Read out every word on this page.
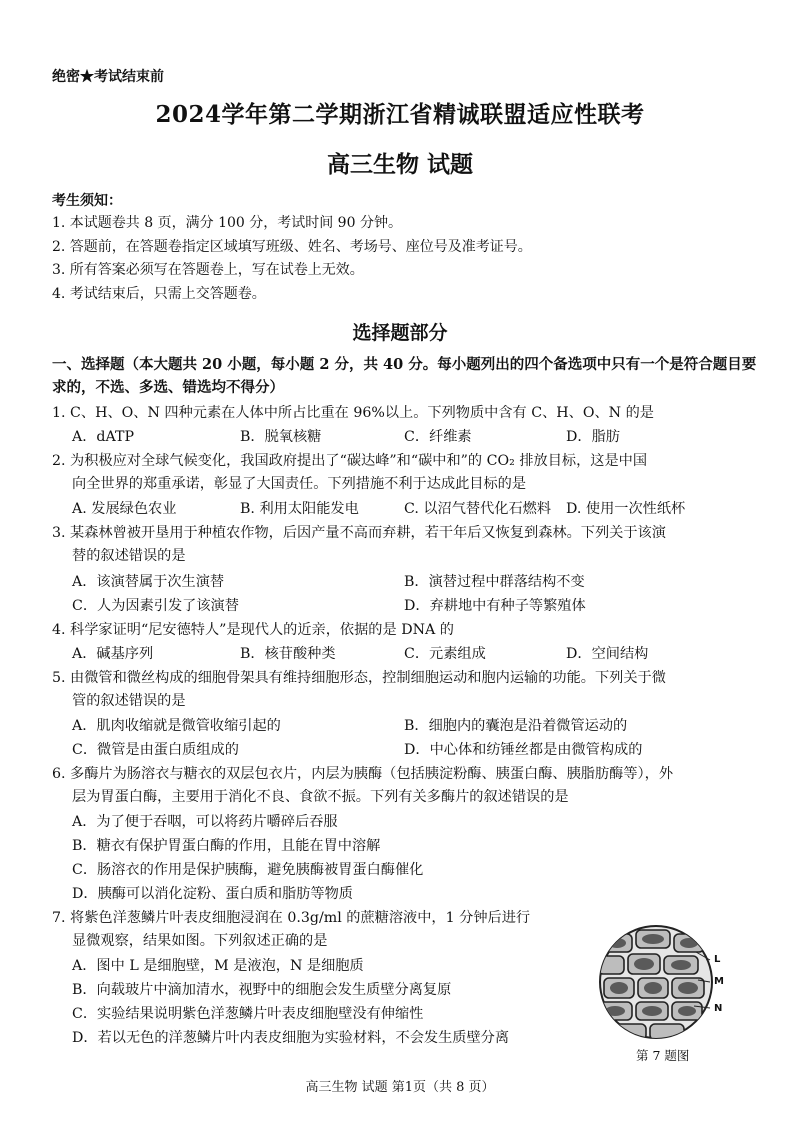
绝密★考试结束前
2024学年第二学期浙江省精诚联盟适应性联考
高三生物 试题
考生须知：
1. 本试题卷共 8 页，满分 100 分，考试时间 90 分钟。
2. 答题前，在答题卷指定区域填写班级、姓名、考场号、座位号及准考证号。
3. 所有答案必须写在答题卷上，写在试卷上无效。
4. 考试结束后，只需上交答题卷。
选择题部分
一、选择题（本大题共 20 小题，每小题 2 分，共 40 分。每小题列出的四个备选项中只有一个是符合题目要求的，不选、多选、错选均不得分）
1. C、H、O、N 四种元素在人体中所占比重在 96%以上。下列物质中含有 C、H、O、N 的是
A．dATP	B．脱氧核糖	C．纤维素	D．脂肪
2. 为积极应对全球气候变化，我国政府提出了“碳达峰”和“碳中和”的 CO₂ 排放目标，这是中国
向全世界的郑重承诺，彰显了大国责任。下列措施不利于达成此目标的是
A. 发展绿色农业	B. 利用太阳能发电	C. 以沼气替代化石燃料 D. 使用一次性纸杯
3. 某森林曾被开垦用于种植农作物，后因产量不高而弃耕，若干年后又恢复到森林。下列关于该演
替的叙述错误的是
A．该演替属于次生演替	B．演替过程中群落结构不变
C．人为因素引发了该演替	D．弃耕地中有种子等繁殖体
4. 科学家证明“尼安德特人”是现代人的近亲，依据的是 DNA 的
A．碱基序列	B．核苷酸种类	C．元素组成	D．空间结构
5. 由微管和微丝构成的细胞骨架具有维持细胞形态，控制细胞运动和胞内运输的功能。下列关于微
管的叙述错误的是
A．肌肉收缩就是微管收缩引起的	B．细胞内的囊泡是沿着微管运动的
C．微管是由蛋白质组成的	D．中心体和纺锤丝都是由微管构成的
6. 多酶片为肠溶衣与糖衣的双层包衣片，内层为胰酶（包括胰淀粉酶、胰蛋白酶、胰脂肪酶等），外
层为胃蛋白酶，主要用于消化不良、食欲不振。下列有关多酶片的叙述错误的是
A．为了便于吞咽，可以将药片嚼碎后吞服
B．糖衣有保护胃蛋白酶的作用，且能在胃中溶解
C．肠溶衣的作用是保护胰酶，避免胰酶被胃蛋白酶催化
D．胰酶可以消化淀粉、蛋白质和脂肪等物质
7. 将紫色洋葱鳞片叶表皮细胞浸润在 0.3g/ml 的蔗糖溶液中，1 分钟后进行
显微观察，结果如图。下列叙述正确的是
A．图中 L 是细胞壁，M 是液泡，N 是细胞质
B．向载玻片中滴加清水，视野中的细胞会发生质壁分离复原
C．实验结果说明紫色洋葱鳞片叶表皮细胞壁没有伸缩性
D．若以无色的洋葱鳞片叶内表皮细胞为实验材料，不会发生质壁分离
L
M
N
第 7 题图
高三生物 试题 第1页（共 8 页）
